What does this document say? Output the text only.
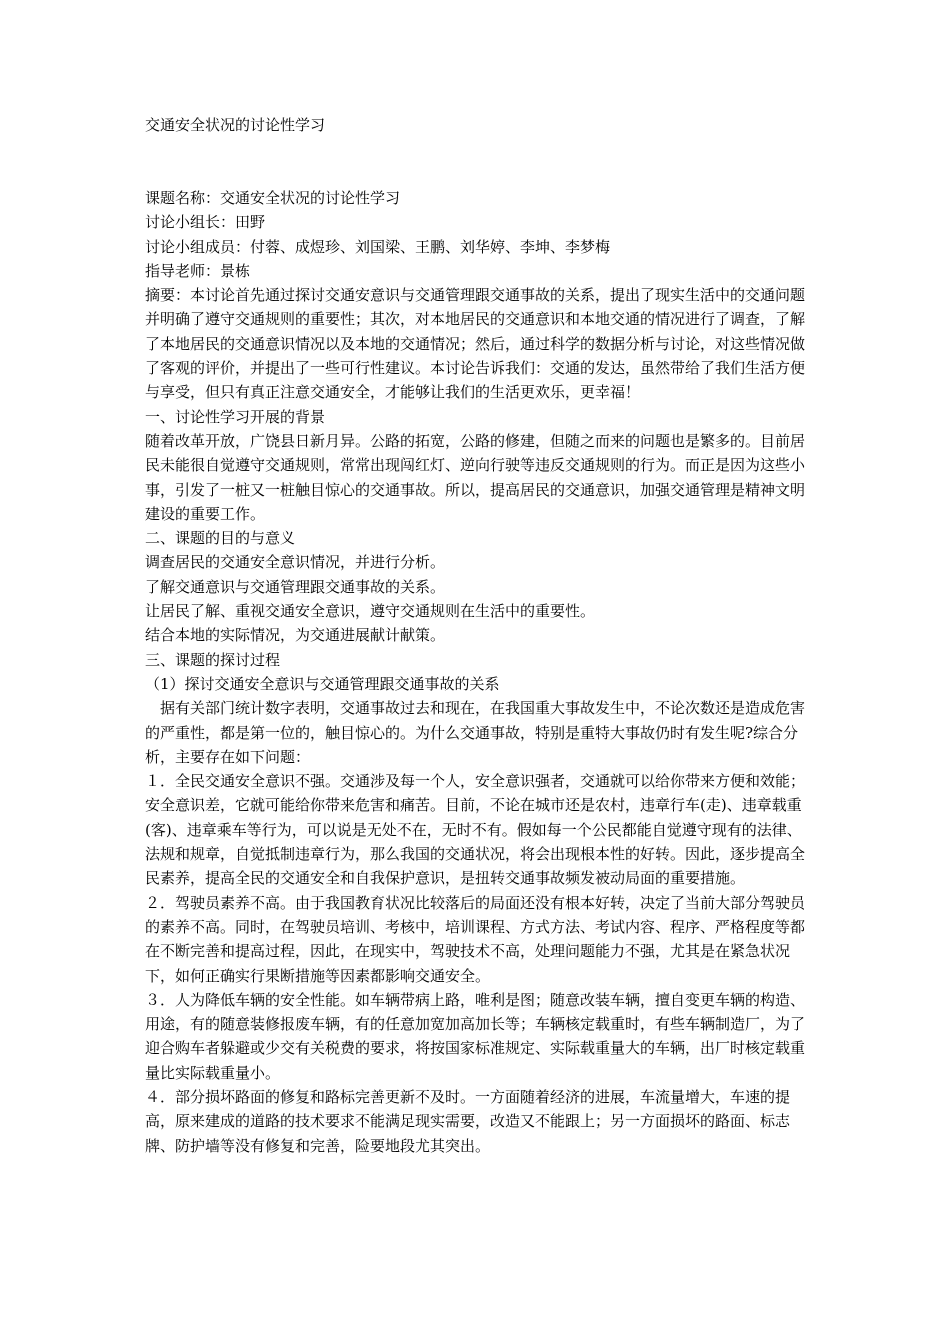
交通安全状况的讨论性学习

课题名称：交通安全状况的讨论性学习

讨论小组长：田野

讨论小组成员：付蓉、成煜珍、刘国梁、王鹏、刘华婷、李坤、李梦梅

指导老师：景栋

摘要：本讨论首先通过探讨交通安意识与交通管理跟交通事故的关系，提出了现实生活中的交通问题并明确了遵守交通规则的重要性；其次，对本地居民的交通意识和本地交通的情况进行了调查，了解了本地居民的交通意识情况以及本地的交通情况；然后，通过科学的数据分析与讨论，对这些情况做了客观的评价，并提出了一些可行性建议。本讨论告诉我们：交通的发达，虽然带给了我们生活方便与享受，但只有真正注意交通安全，才能够让我们的生活更欢乐，更幸福！

一、讨论性学习开展的背景

随着改革开放，广饶县日新月异。公路的拓宽，公路的修建，但随之而来的问题也是繁多的。目前居民未能很自觉遵守交通规则，常常出现闯红灯、逆向行驶等违反交通规则的行为。而正是因为这些小事，引发了一桩又一桩触目惊心的交通事故。所以，提高居民的交通意识，加强交通管理是精神文明建设的重要工作。

二、课题的目的与意义

调查居民的交通安全意识情况，并进行分析。

了解交通意识与交通管理跟交通事故的关系。

让居民了解、重视交通安全意识，遵守交通规则在生活中的重要性。

结合本地的实际情况，为交通进展献计献策。

三、课题的探讨过程

（1）探讨交通安全意识与交通管理跟交通事故的关系

　据有关部门统计数字表明，交通事故过去和现在，在我国重大事故发生中，不论次数还是造成危害的严重性，都是第一位的，触目惊心的。为什么交通事故，特别是重特大事故仍时有发生呢?综合分析，主要存在如下问题：

１．全民交通安全意识不强。交通涉及每一个人，安全意识强者，交通就可以给你带来方便和效能；安全意识差，它就可能给你带来危害和痛苦。目前，不论在城市还是农村，违章行车(走)、违章载重(客)、违章乘车等行为，可以说是无处不在，无时不有。假如每一个公民都能自觉遵守现有的法律、法规和规章，自觉抵制违章行为，那么我国的交通状况，将会出现根本性的好转。因此，逐步提高全民素养，提高全民的交通安全和自我保护意识，是扭转交通事故频发被动局面的重要措施。

２．驾驶员素养不高。由于我国教育状况比较落后的局面还没有根本好转，决定了当前大部分驾驶员的素养不高。同时，在驾驶员培训、考核中，培训课程、方式方法、考试内容、程序、严格程度等都在不断完善和提高过程，因此，在现实中，驾驶技术不高，处理问题能力不强，尤其是在紧急状况下，如何正确实行果断措施等因素都影响交通安全。

３．人为降低车辆的安全性能。如车辆带病上路，唯利是图；随意改装车辆，擅自变更车辆的构造、用途，有的随意装修报废车辆，有的任意加宽加高加长等；车辆核定载重时，有些车辆制造厂，为了迎合购车者躲避或少交有关税费的要求，将按国家标准规定、实际载重量大的车辆，出厂时核定载重量比实际载重量小。

４．部分损坏路面的修复和路标完善更新不及时。一方面随着经济的进展，车流量增大，车速的提高，原来建成的道路的技术要求不能满足现实需要，改造又不能跟上；另一方面损坏的路面、标志牌、防护墙等没有修复和完善，险要地段尤其突出。
